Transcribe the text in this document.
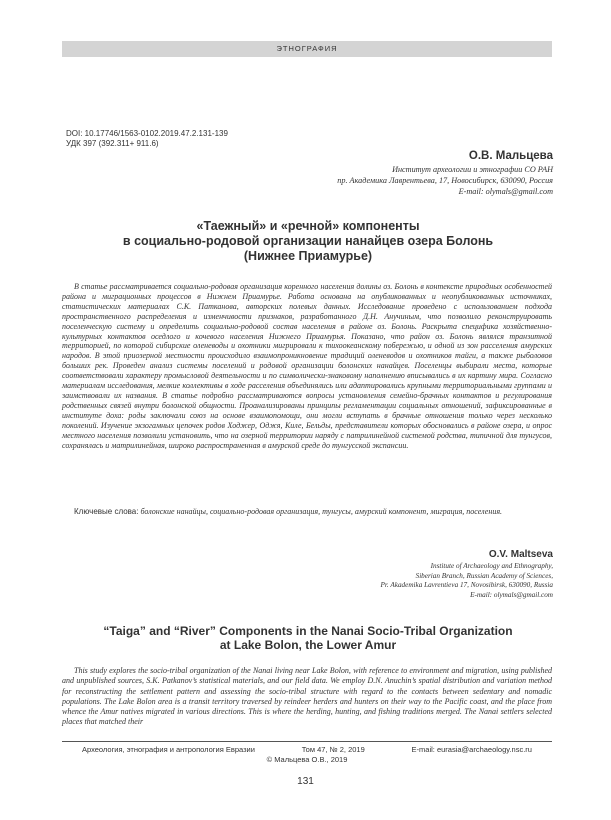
ЭТНОГРАФИЯ
DOI: 10.17746/1563-0102.2019.47.2.131-139
УДК 397 (392.311+ 911.6)
О.В. Мальцева
Институт археологии и этнографии СО РАН
пр. Академика Лаврентьева, 17, Новосибирск, 630090, Россия
E-mail: olymals@gmail.com
«Таежный» и «речной» компоненты
в социально-родовой организации нанайцев озера Болонь
(Нижнее Приамурье)
В статье рассматривается социально-родовая организация коренного населения долины оз. Болонь в контексте природных особенностей района и миграционных процессов в Нижнем Приамурье. Работа основана на опубликованных и неопубликованных источниках, статистических материалах С.К. Патканова, авторских полевых данных. Исследование проведено с использованием подхода пространственного распределения и изменчивости признаков, разработанного Д.Н. Анучиным, что позволило реконструировать поселенческую систему и определить социально-родовой состав населения в районе оз. Болонь. Раскрыта специфика хозяйственно-культурных контактов оседлого и кочевого населения Нижнего Приамурья. Показано, что район оз. Болонь являлся транзитной территорией, по которой сибирские оленеводы и охотники мигрировали к тихоокеанскому побережью, и одной из зон расселения амурских народов. В этой приозерной местности происходило взаимопроникновение традиций оленеводов и охотников тайги, а также рыболовов больших рек. Проведен анализ системы поселений и родовой организации болонских нанайцев. Поселенцы выбирали места, которые соответствовали характеру промысловой деятельности и по символически-знаковому наполнению вписывались в их картину мира. Согласно материалам исследования, мелкие коллективы в ходе расселения объединялись или адаптировались крупными территориальными группами и заимствовали их названия. В статье подробно рассматриваются вопросы установления семейно-брачных контактов и регулирования родственных связей внутри болонской общности. Проанализированы принципы регламентации социальных отношений, зафиксированные в институте доха: роды заключали союз на основе взаимопомощи, они могли вступать в брачные отношения только через несколько поколений. Изучение экзогамных цепочек родов Ходжер, Оджя, Киле, Бельды, представители которых обосновались в районе озера, и опрос местного населения позволили установить, что на озерной территории наряду с патрилинейной системой родства, типичной для тунгусов, сохранялась и матрилинейная, широко распространенная в амурской среде до тунгусской экспансии.
Ключевые слова: болонские нанайцы, социально-родовая организация, тунгусы, амурский компонент, миграция, поселения.
O.V. Maltseva
Institute of Archaeology and Ethnography,
Siberian Branch, Russian Academy of Sciences,
Pr. Akademika Lavrentieva 17, Novosibirsk, 630090, Russia
E-mail: olymals@gmail.com
“Taiga” and “River” Components in the Nanai Socio-Tribal Organization
at Lake Bolon, the Lower Amur
This study explores the socio-tribal organization of the Nanai living near Lake Bolon, with reference to environment and migration, using published and unpublished sources, S.K. Patkanov’s statistical materials, and our field data. We employ D.N. Anuchin’s spatial distribution and variation method for reconstructing the settlement pattern and assessing the socio-tribal structure with regard to the contacts between sedentary and nomadic populations. The Lake Bolon area is a transit territory traversed by reindeer herders and hunters on their way to the Pacific coast, and the place from whence the Amur natives migrated in various directions. This is where the herding, hunting, and fishing traditions merged. The Nanai settlers selected places that matched their
Археология, этнография и антропология Евразии	Том 47, № 2, 2019	E-mail: eurasia@archaeology.nsc.ru
© Мальцева О.В., 2019
131
